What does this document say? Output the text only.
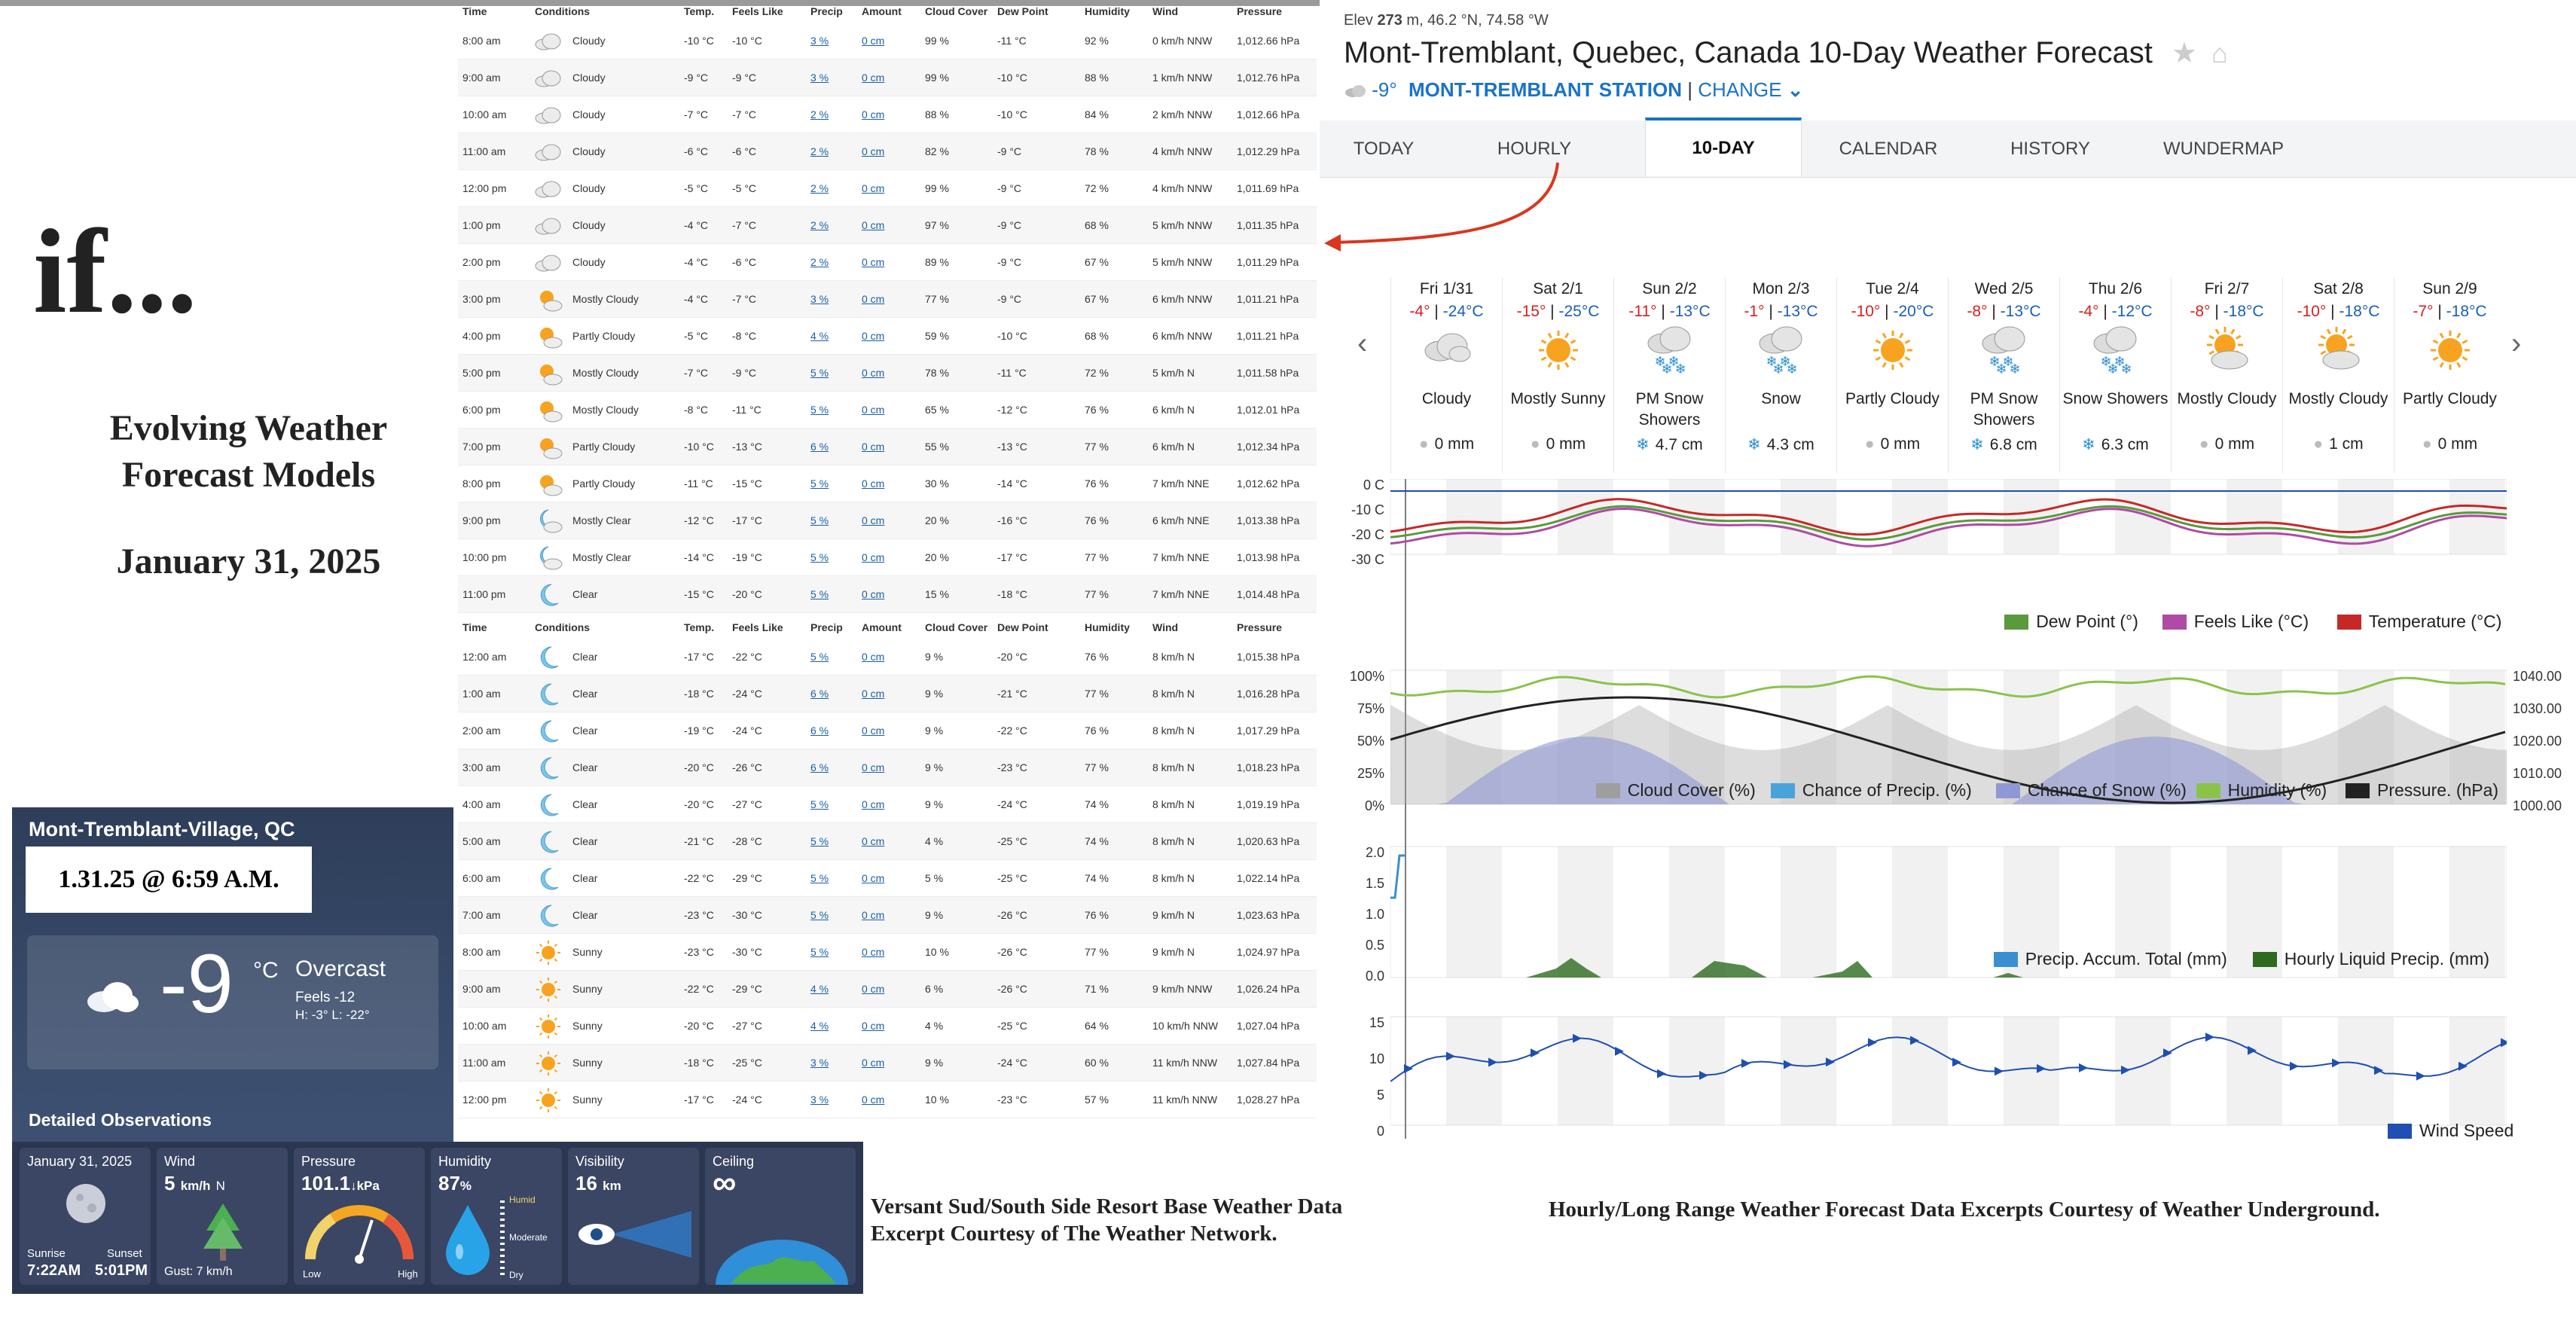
if...
Evolving Weather
Forecast Models
January 31, 2025
Time	Conditions	Temp. Feels Like	Precip Amount Cloud Cover Dew Point	Humidity Wind	Pressure
8:00 am	Cloudy	-10 °C -10 °C	3 %	0 cm	99 %	-11 °C	92 %	0 km/h NNW 1,012.66 hPa
9:00 am	Cloudy	-9 °C -9 °C	3 %	0 cm	99 %	-10 °C	88 %	1 km/h NNW 1,012.76 hPa
10:00 am	Cloudy	-7 °C -7 °C	2 %	0 cm	88 %	-10 °C	84 %	2 km/h NNW 1,012.66 hPa
11:00 am	Cloudy	-6 °C -6 °C	2 %	0 cm	82 %	-9 °C	78 %	4 km/h NNW 1,012.29 hPa
12:00 pm	Cloudy	-5 °C -5 °C	2 %	0 cm	99 %	-9 °C	72 %	4 km/h NNW 1,011.69 hPa
1:00 pm	Cloudy	-4 °C -7 °C	2 %	0 cm	97 %	-9 °C	68 %	5 km/h NNW 1,011.35 hPa
2:00 pm	Cloudy	-4 °C -6 °C	2 %	0 cm	89 %	-9 °C	67 %	5 km/h NNW 1,011.29 hPa
3:00 pm	Mostly Cloudy	-4 °C -7 °C	3 %	0 cm	77 %	-9 °C	67 %	6 km/h NNW 1,011.21 hPa
4:00 pm	Partly Cloudy	-5 °C -8 °C	4 %	0 cm	59 %	-10 °C	68 %	6 km/h NNW 1,011.21 hPa
5:00 pm	Mostly Cloudy	-7 °C -9 °C	5 %	0 cm	78 %	-11 °C	72 %	5 km/h N	1,011.58 hPa
6:00 pm	Mostly Cloudy	-8 °C -11 °C	5 %	0 cm	65 %	-12 °C	76 %	6 km/h N	1,012.01 hPa
7:00 pm	Partly Cloudy	-10 °C -13 °C	6 %	0 cm	55 %	-13 °C	77 %	6 km/h N	1,012.34 hPa
8:00 pm	Partly Cloudy	-11 °C -15 °C	5 %	0 cm	30 %	-14 °C	76 %	7 km/h NNE	1,012.62 hPa
9:00 pm	Mostly Clear	-12 °C -17 °C	5 %	0 cm	20 %	-16 °C	76 %	6 km/h NNE	1,013.38 hPa
10:00 pm	Mostly Clear	-14 °C -19 °C	5 %	0 cm	20 %	-17 °C	77 %	7 km/h NNE	1,013.98 hPa
11:00 pm	Clear	-15 °C -20 °C	5 %	0 cm	15 %	-18 °C	77 %	7 km/h NNE	1,014.48 hPa
Time	Conditions	Temp. Feels Like	Precip Amount Cloud Cover Dew Point	Humidity Wind	Pressure
12:00 am	Clear	-17 °C -22 °C	5 %	0 cm	9 %	-20 °C	76 %	8 km/h N	1,015.38 hPa
1:00 am	Clear	-18 °C -24 °C	6 %	0 cm	9 %	-21 °C	77 %	8 km/h N	1,016.28 hPa
2:00 am	Clear	-19 °C -24 °C	6 %	0 cm	9 %	-22 °C	76 %	8 km/h N	1,017.29 hPa
3:00 am	Clear	-20 °C -26 °C	6 %	0 cm	9 %	-23 °C	77 %	8 km/h N	1,018.23 hPa
4:00 am	Clear	-20 °C -27 °C	5 %	0 cm	9 %	-24 °C	74 %	8 km/h N	1,019.19 hPa
5:00 am	Clear	-21 °C -28 °C	5 %	0 cm	4 %	-25 °C	74 %	8 km/h N	1,020.63 hPa
6:00 am	Clear	-22 °C -29 °C	5 %	0 cm	5 %	-25 °C	74 %	8 km/h N	1,022.14 hPa
7:00 am	Clear	-23 °C -30 °C	5 %	0 cm	9 %	-26 °C	76 %	9 km/h N	1,023.63 hPa
8:00 am	Sunny	-23 °C -30 °C	5 %	0 cm	10 %	-26 °C	77 %	9 km/h N	1,024.97 hPa
9:00 am	Sunny	-22 °C -29 °C	4 %	0 cm	6 %	-26 °C	71 %	9 km/h NNW 1,026.24 hPa
10:00 am	Sunny	-20 °C -27 °C	4 %	0 cm	4 %	-25 °C	64 %	10 km/h NNW 1,027.04 hPa
11:00 am	Sunny	-18 °C -25 °C	3 %	0 cm	9 %	-24 °C	60 %	11 km/h NNW 1,027.84 hPa
12:00 pm	Sunny	-17 °C -24 °C	3 %	0 cm	10 %	-23 °C	57 %	11 km/h NNW 1,028.27 hPa
Mont-Tremblant-Village, QC
1.31.25 @ 6:59 A.M.
-9 °C Overcast
Feels -12
H: -3° L: -22°
Detailed Observations
January 31, 2025
Sunrise
7:22AM
Sunset
5:01PM
Wind
5 km/h N
Gust: 7 km/h
Pressure
101.1↓kPa
Low	High
Humidity
87%
Humid
Moderate
Dry
Visibility
16 km
Ceiling
∞
Versant Sud/South Side Resort Base Weather Data Excerpt Courtesy of The Weather Network.
Hourly/Long Range Weather Forecast Data Excerpts Courtesy of Weather Underground.
Elev 273 m, 46.2 °N, 74.58 °W
Mont-Tremblant, Quebec, Canada 10-Day Weather Forecast ★ ⌂
-9° MONT-TREMBLANT STATION | CHANGE ⌄
TODAY	HOURLY	10-DAY	CALENDAR	HISTORY	WUNDERMAP
‹	›
Fri 1/31
-4° | -24°C
Cloudy
● 0 mm
Sat 2/1
-15° | -25°C
Mostly Sunny
● 0 mm
Sun 2/2
-11° | -13°C
PM Snow Showers
❄ 4.7 cm
❄ ❄
❄ ❄
Mon 2/3
-1° | -13°C
Snow
❄ 4.3 cm
❄ ❄
❄ ❄
Tue 2/4
-10° | -20°C
Partly Cloudy
● 0 mm
Wed 2/5
-8° | -13°C
PM Snow Showers
❄ 6.8 cm
❄ ❄
❄ ❄
Thu 2/6
-4° | -12°C
Snow Showers
❄ 6.3 cm
❄ ❄
❄ ❄
Fri 2/7
-8° | -18°C
Mostly Cloudy
● 0 mm
Sat 2/8
-10° | -18°C
Mostly Cloudy
● 1 cm
Sun 2/9
-7° | -18°C
Partly Cloudy
● 0 mm
0 C
-10 C
-20 C
-30 C
100%
75%
50%
25%
0%
1040.00
1030.00
1020.00
1010.00
1000.00
2.0
1.5
1.0
0.5
0.0
15
10
5
0
Temperature (°C)
Feels Like (°C)
Dew Point (°)
Pressure. (hPa)
Humidity (%)
Chance of Snow (%)
Chance of Precip. (%)
Cloud Cover (%)
Hourly Liquid Precip. (mm)
Precip. Accum. Total (mm)
Wind Speed
